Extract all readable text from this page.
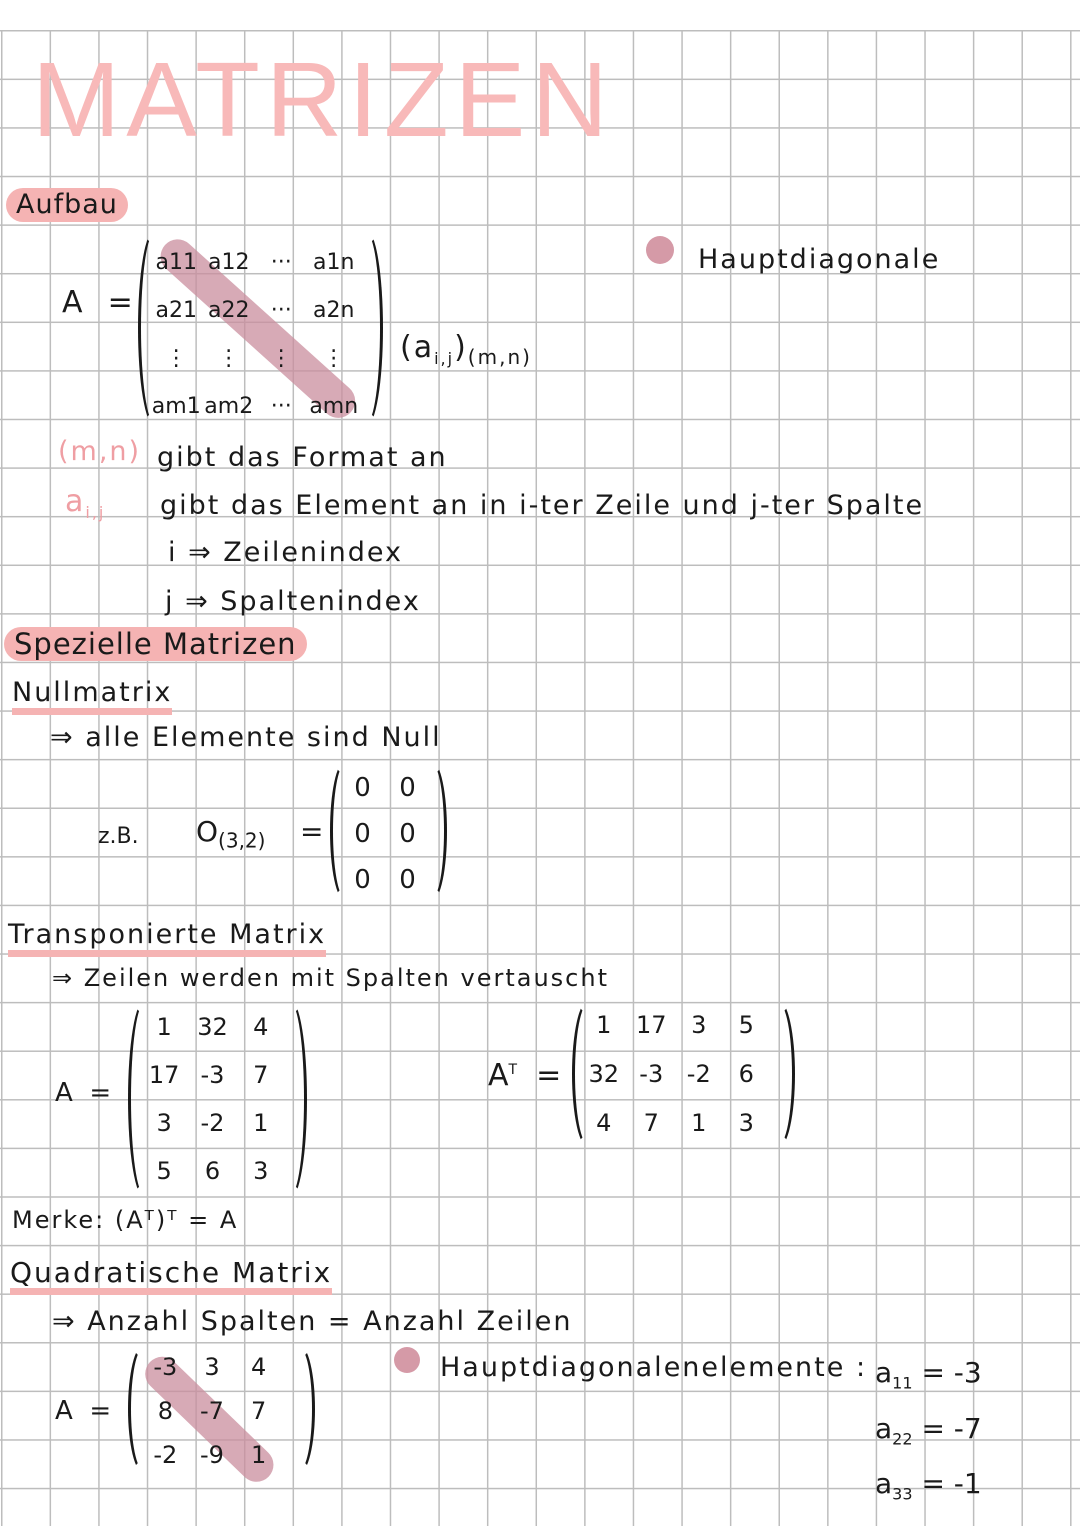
MATRIZEN
Aufbau
A =
a11 a12 ··· a1n
a21 a22 ··· a2n
⋮	⋮	⋮	⋮
am1 am2 ··· amn
$(a_{i,j})_{(m,n)}$
Hauptdiagonale
(m,n) gibt das Format an
$a_{i,j}$ gibt das Element an in i-ter Zeile und j-ter Spalte
i ⇒ Zeilenindex
j ⇒ Spaltenindex
Spezielle Matrizen
Nullmatrix
⇒ alle Elemente sind Null
z.B. $O_{(3,2)}$ =
0	0
0	0
0	0
Transponierte Matrix
⇒ Zeilen werden mit Spalten vertauscht
A =
1	32	4
17 -3	7
3	-2	1
5	6	3
$A^T$ =
1	17	3	5
32 -3 -2	6
4	7	1	3
Merke: (Aᵀ)ᵀ = A
Quadratische Matrix
⇒ Anzahl Spalten = Anzahl Zeilen
A =
-3	3	4
8	-7	7
-2 -9	1
Hauptdiagonalenelemente : $a_{11} = -3$
$a_{22} = -7$
$a_{33} = -1$
